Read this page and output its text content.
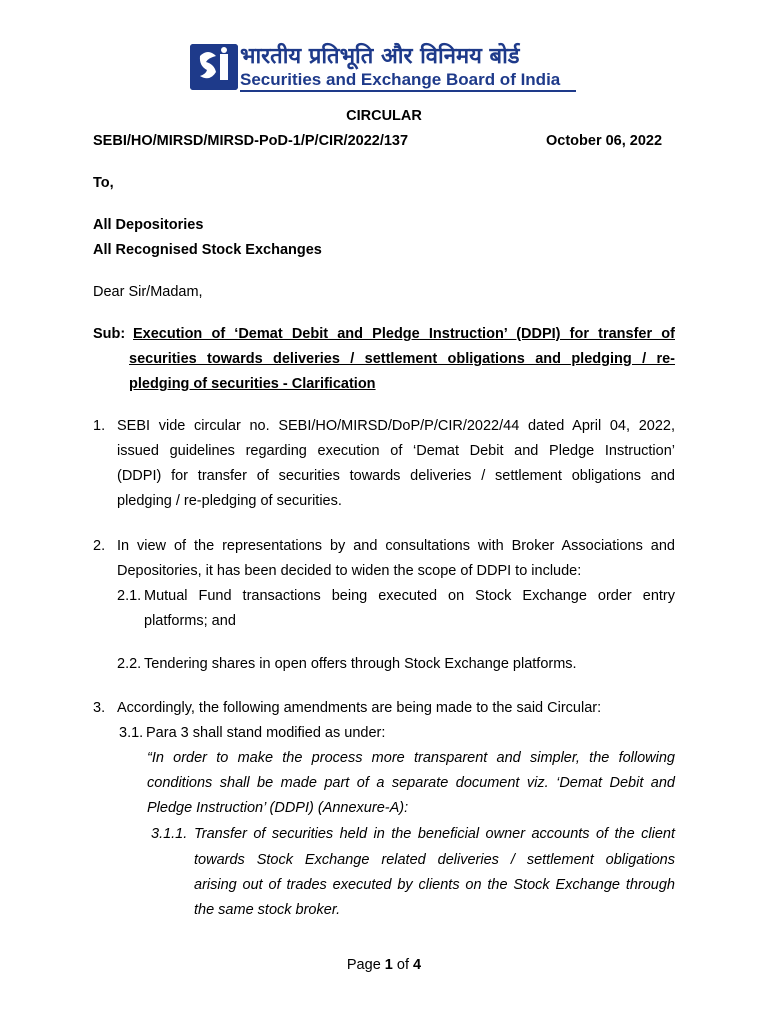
भारतीय प्रतिभूति और विनिमय बोर्ड
Securities and Exchange Board of India
CIRCULAR
SEBI/HO/MIRSD/MIRSD-PoD-1/P/CIR/2022/137	October 06, 2022
To,
All Depositories
All Recognised Stock Exchanges
Dear Sir/Madam,
Sub: Execution of ‘Demat Debit and Pledge Instruction’ (DDPI) for transfer of
securities towards deliveries / settlement obligations and pledging / re-
pledging of securities - Clarification
1. SEBI vide circular no. SEBI/HO/MIRSD/DoP/P/CIR/2022/44 dated April 04, 2022,
issued guidelines regarding execution of ‘Demat Debit and Pledge Instruction’
(DDPI) for transfer of securities towards deliveries / settlement obligations and
pledging / re-pledging of securities.
2. In view of the representations by and consultations with Broker Associations and
Depositories, it has been decided to widen the scope of DDPI to include:
2.1. Mutual Fund transactions being executed on Stock Exchange order entry
platforms; and
2.2. Tendering shares in open offers through Stock Exchange platforms.
3. Accordingly, the following amendments are being made to the said Circular:
3.1. Para 3 shall stand modified as under:
“In order to make the process more transparent and simpler, the following
conditions shall be made part of a separate document viz. ‘Demat Debit and
Pledge Instruction’ (DDPI) (Annexure-A):
3.1.1. Transfer of securities held in the beneficial owner accounts of the client
towards Stock Exchange related deliveries / settlement obligations
arising out of trades executed by clients on the Stock Exchange through
the same stock broker.
Page 1 of 4
